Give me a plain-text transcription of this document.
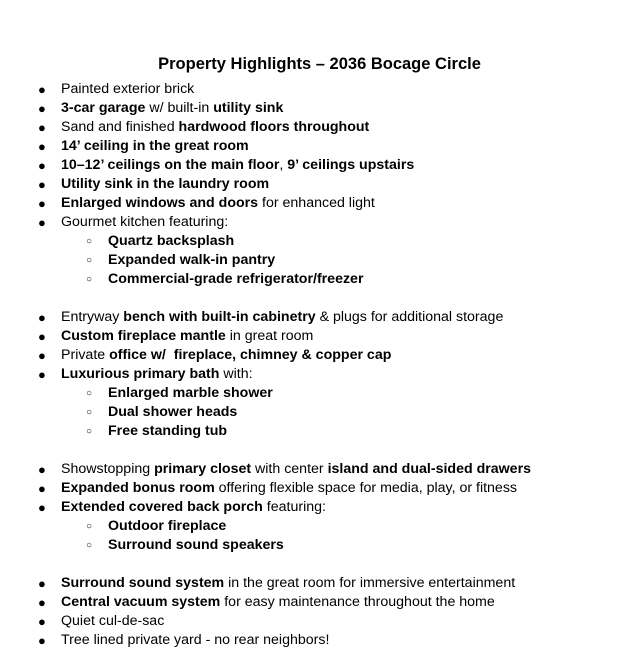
Property Highlights – 2036 Bocage Circle
● Painted exterior brick
● 3-car garage w/ built-in utility sink
● Sand and finished hardwood floors throughout
● 14’ ceiling in the great room
● 10–12’ ceilings on the main floor, 9’ ceilings upstairs
● Utility sink in the laundry room
● Enlarged windows and doors for enhanced light
● Gourmet kitchen featuring:
○ Quartz backsplash
○ Expanded walk-in pantry
○ Commercial-grade refrigerator/freezer
● Entryway bench with built-in cabinetry & plugs for additional storage
● Custom fireplace mantle in great room
● Private office w/  fireplace, chimney & copper cap
● Luxurious primary bath with:
○ Enlarged marble shower
○ Dual shower heads
○ Free standing tub
● Showstopping primary closet with center island and dual-sided drawers
● Expanded bonus room offering flexible space for media, play, or fitness
● Extended covered back porch featuring:
○ Outdoor fireplace
○ Surround sound speakers
● Surround sound system in the great room for immersive entertainment
● Central vacuum system for easy maintenance throughout the home
● Quiet cul-de-sac
● Tree lined private yard - no rear neighbors!
